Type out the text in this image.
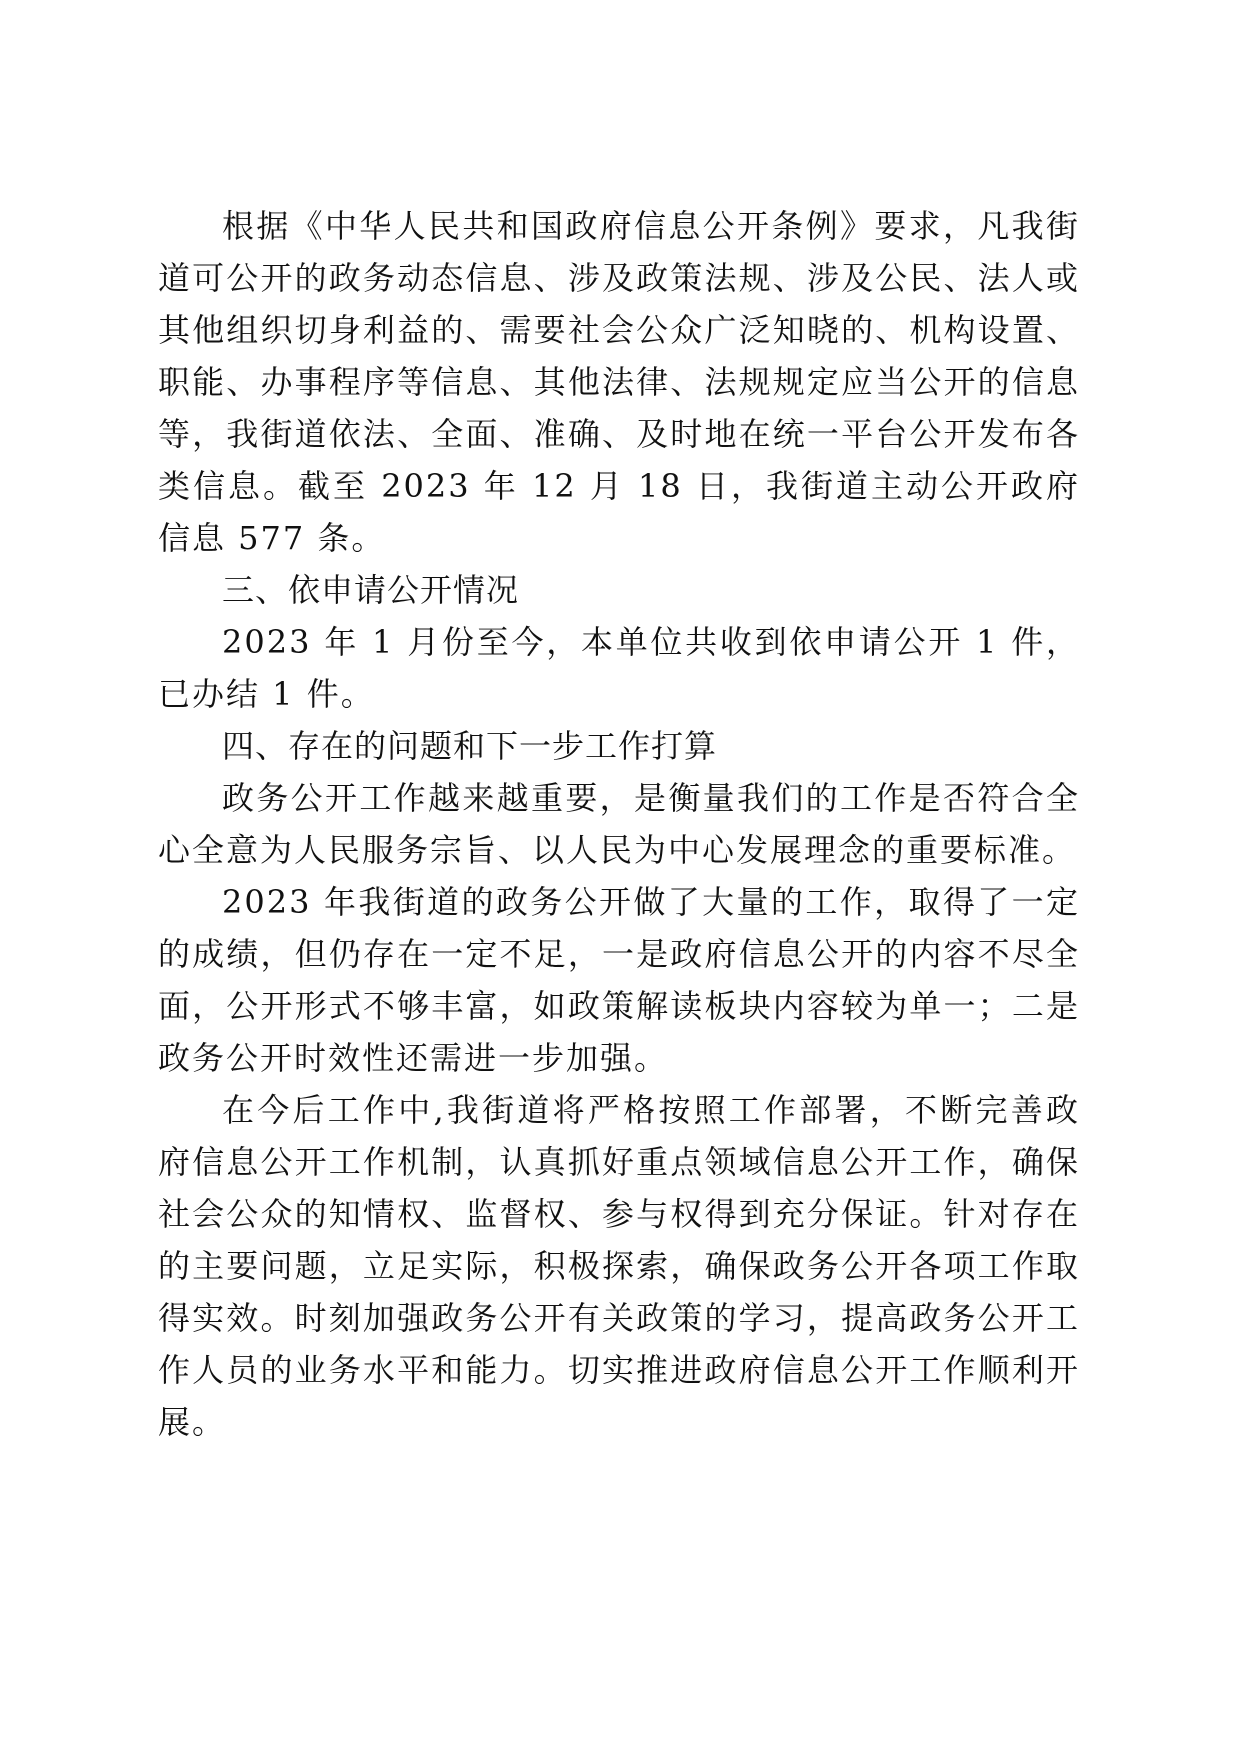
根据《中华人民共和国政府信息公开条例》要求，凡我街道可公开的政务动态信息、涉及政策法规、涉及公民、法人或其他组织切身利益的、需要社会公众广泛知晓的、机构设置、职能、办事程序等信息、其他法律、法规规定应当公开的信息等，我街道依法、全面、准确、及时地在统一平台公开发布各类信息。截至 2023 年 12 月 18 日，我街道主动公开政府信息 577 条。

三、依申请公开情况

2023 年 1 月份至今，本单位共收到依申请公开 1 件，已办结 1 件。

四、存在的问题和下一步工作打算

政务公开工作越来越重要，是衡量我们的工作是否符合全心全意为人民服务宗旨、以人民为中心发展理念的重要标准。

2023 年我街道的政务公开做了大量的工作，取得了一定的成绩，但仍存在一定不足，一是政府信息公开的内容不尽全面，公开形式不够丰富，如政策解读板块内容较为单一；二是政务公开时效性还需进一步加强。

在今后工作中,我街道将严格按照工作部署，不断完善政府信息公开工作机制，认真抓好重点领域信息公开工作，确保社会公众的知情权、监督权、参与权得到充分保证。针对存在的主要问题，立足实际，积极探索，确保政务公开各项工作取得实效。时刻加强政务公开有关政策的学习，提高政务公开工作人员的业务水平和能力。切实推进政府信息公开工作顺利开展。
